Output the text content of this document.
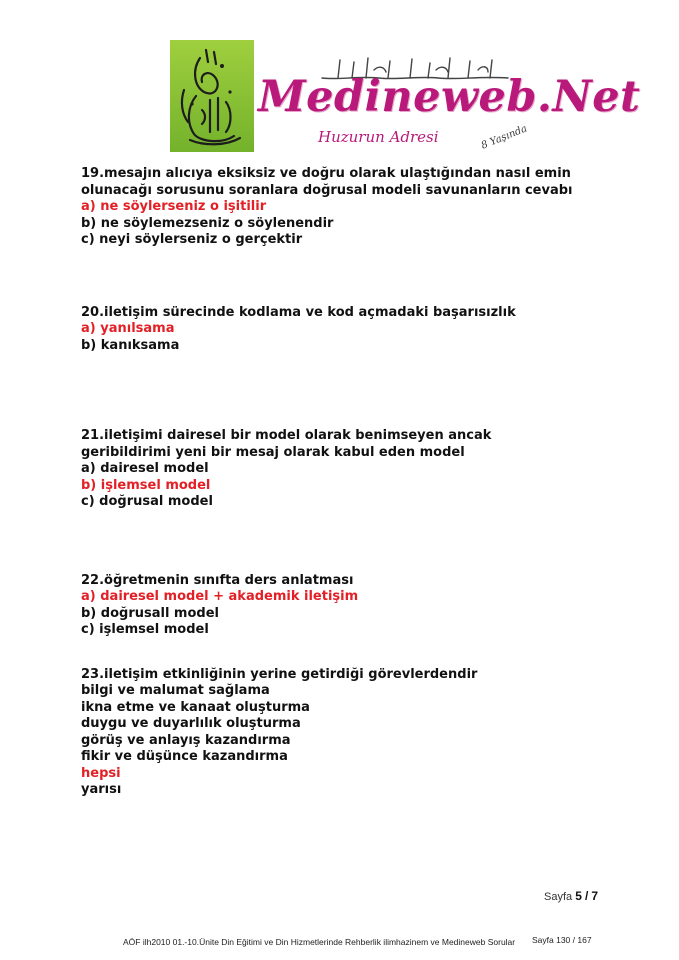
Medineweb.Net
Huzurun Adresi	8 Yaşında
19.mesajın alıcıya eksiksiz ve doğru olarak ulaştığından nasıl emin
olunacağı sorusunu soranlara doğrusal modeli savunanların cevabı
a) ne söylerseniz o işitilir
b) ne söylemezseniz o söylenendir
c) neyi söylerseniz o gerçektir
20.iletişim sürecinde kodlama ve kod açmadaki başarısızlık
a) yanılsama
b) kanıksama
21.iletişimi dairesel bir model olarak benimseyen ancak
geribildirimi yeni bir mesaj olarak kabul eden model
a) dairesel model
b) işlemsel model
c) doğrusal model
22.öğretmenin sınıfta ders anlatması
a) dairesel model + akademik iletişim
b) doğrusall model
c) işlemsel model
23.iletişim etkinliğinin yerine getirdiği görevlerdendir
bilgi ve malumat sağlama
ikna etme ve kanaat oluşturma
duygu ve duyarlılık oluşturma
görüş ve anlayış kazandırma
fikir ve düşünce kazandırma
hepsi
yarısı
Sayfa 5 / 7
AÖF ilh2010 01.-10.Ünite Din Eğitimi ve Din Hizmetlerinde Rehberlik ilimhazinem ve Medineweb Sorular Sayfa 130 / 167
